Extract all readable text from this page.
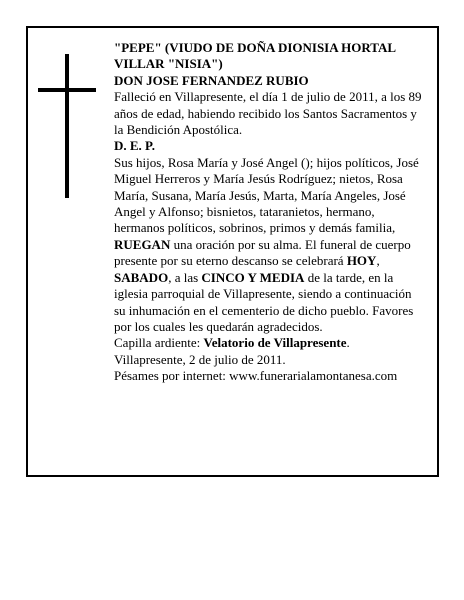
"PEPE" (VIUDO DE DOÑA DIONISIA HORTAL VILLAR "NISIA")

DON JOSE FERNANDEZ RUBIO

Falleció en Villapresente, el día 1 de julio de 2011, a los 89 años de edad, habiendo recibido los Santos Sacramentos y la Bendición Apostólica.

D. E. P.

Sus hijos, Rosa María y José Angel (); hijos políticos, José Miguel Herreros y María Jesús Rodríguez; nietos, Rosa María, Susana, María Jesús, Marta, María Angeles, José Angel y Alfonso; bisnietos, tataranietos, hermano, hermanos políticos, sobrinos, primos y demás familia,

RUEGAN una oración por su alma. El funeral de cuerpo presente por su eterno descanso se celebrará HOY, SABADO, a las CINCO Y MEDIA de la tarde, en la iglesia parroquial de Villapresente, siendo a continuación su inhumación en el cementerio de dicho pueblo. Favores por los cuales les quedarán agradecidos.

Capilla ardiente: Velatorio de Villapresente.

Villapresente, 2 de julio de 2011.

Pésames por internet: www.funerarialamontanesa.com
